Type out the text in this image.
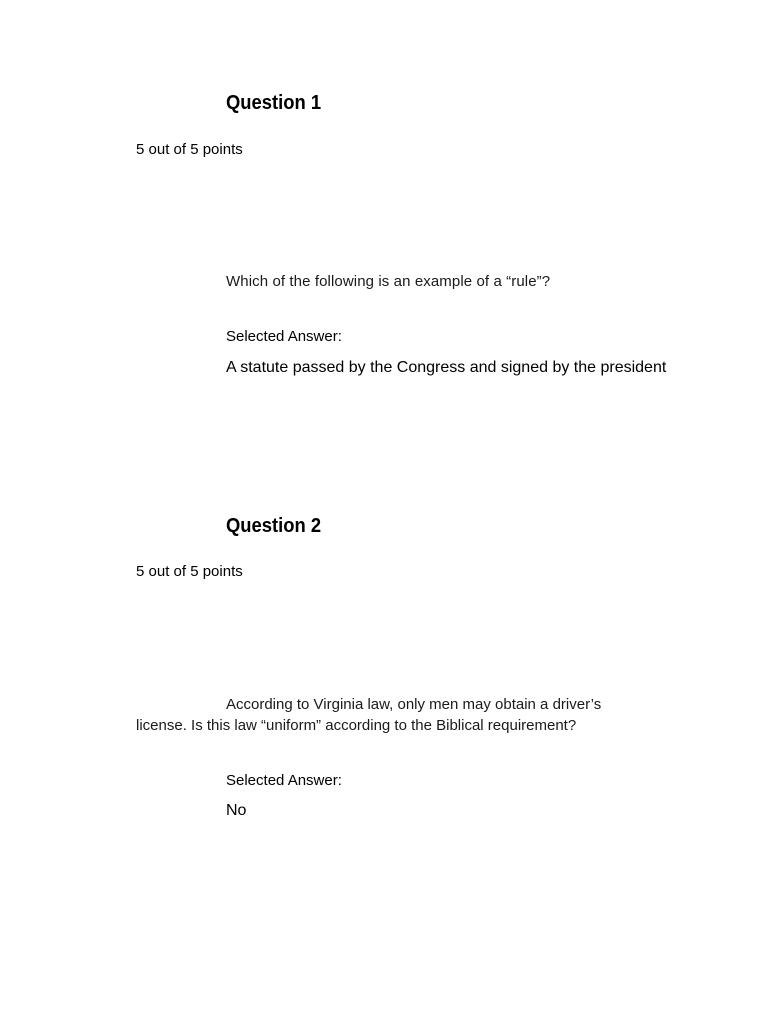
Question 1
5 out of 5 points
Which of the following is an example of a “rule”?
Selected Answer:
A statute passed by the Congress and signed by the president
Question 2
5 out of 5 points
According to Virginia law, only men may obtain a driver’s license. Is this law “uniform” according to the Biblical requirement?
Selected Answer:
No
